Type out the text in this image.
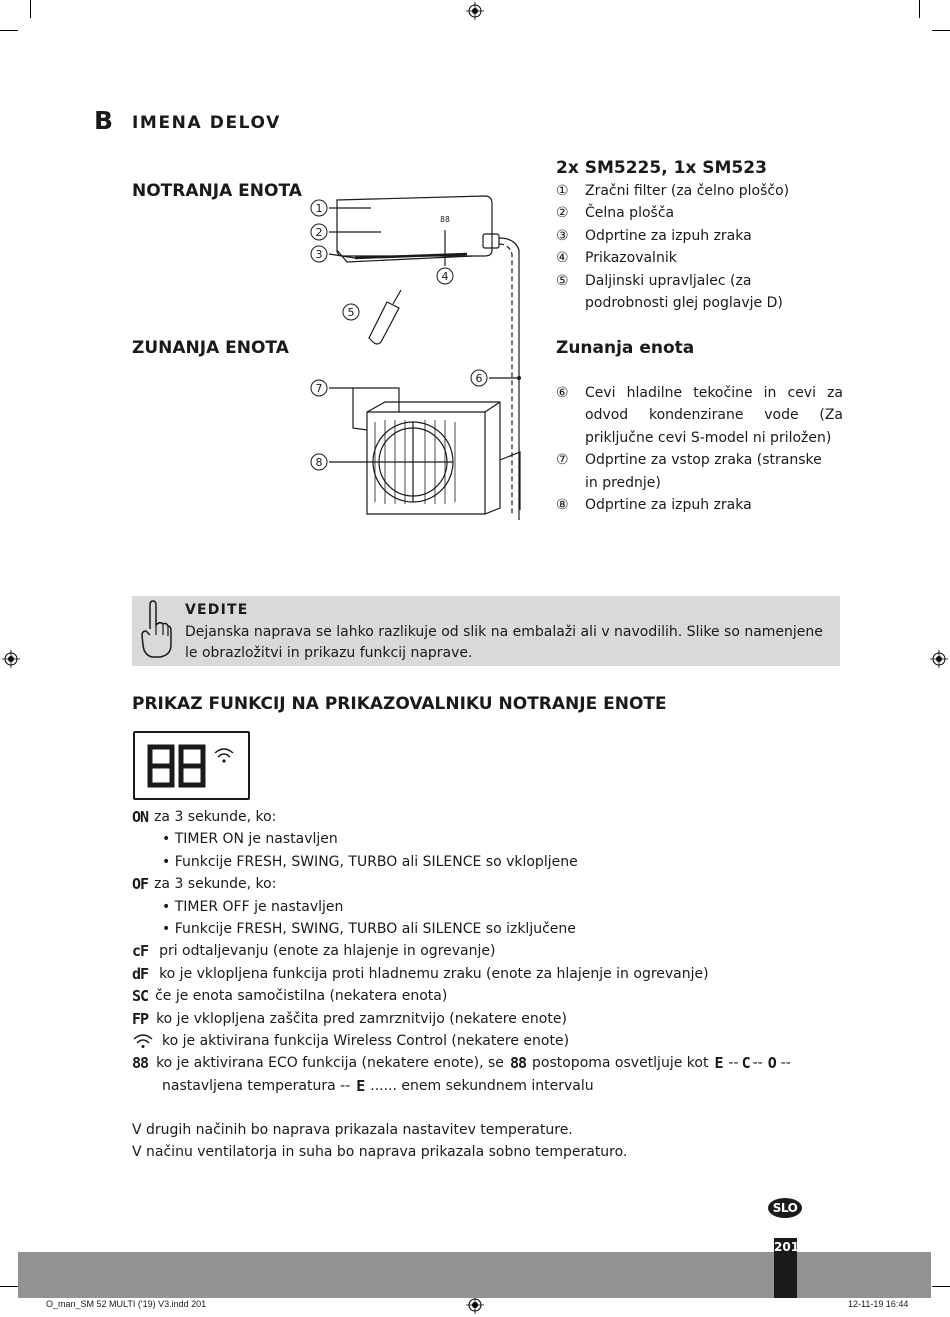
B IMENA DELOV
NOTRANJA ENOTA
ZUNANJA ENOTA
88
1
2
3
4
5
6
7
8
2x SM5225, 1x SM523
①	Zračni filter (za čelno ploščo)
②	Čelna plošča
③	Odprtine za izpuh zraka
④	Prikazovalnik
⑤	Daljinski upravljalec (za podrobnosti glej poglavje D)
Zunanja enota
⑥	Cevi hladilne tekočine in cevi za odvod kondenzirane vode (Za priključne cevi S-model ni priložen)
⑦	Odprtine za vstop zraka (stranske in prednje)
⑧	Odprtine za izpuh zraka
VEDITE
Dejanska naprava se lahko razlikuje od slik na embalaži ali v navodilih. Slike so namenjene le obrazložitvi in prikazu funkcij naprave.
PRIKAZ FUNKCIJ NA PRIKAZOVALNIKU NOTRANJE ENOTE
ON za 3 sekunde, ko:
• TIMER ON je nastavljen
• Funkcije FRESH, SWING, TURBO ali SILENCE so vklopljene
OF za 3 sekunde, ko:
• TIMER OFF je nastavljen
• Funkcije FRESH, SWING, TURBO ali SILENCE so izključene
cF pri odtaljevanju (enote za hlajenje in ogrevanje)
dF ko je vklopljena funkcija proti hladnemu zraku (enote za hlajenje in ogrevanje)
SC če je enota samočistilna (nekatera enota)
FP ko je vklopljena zaščita pred zamrznitvijo (nekatere enote)
ko je aktivirana funkcija Wireless Control (nekatere enote)
88 ko je aktivirana ECO funkcija (nekatere enote), se 88 postopoma osvetljuje kot E -- C -- O --
nastavljena temperatura -- E ...... enem sekundnem intervalu
V drugih načinih bo naprava prikazala nastavitev temperature.
V načinu ventilatorja in suha bo naprava prikazala sobno temperaturo.
SLO
201
O_man_SM 52 MULTI ('19) V3.indd 201	12-11-19 16:44
